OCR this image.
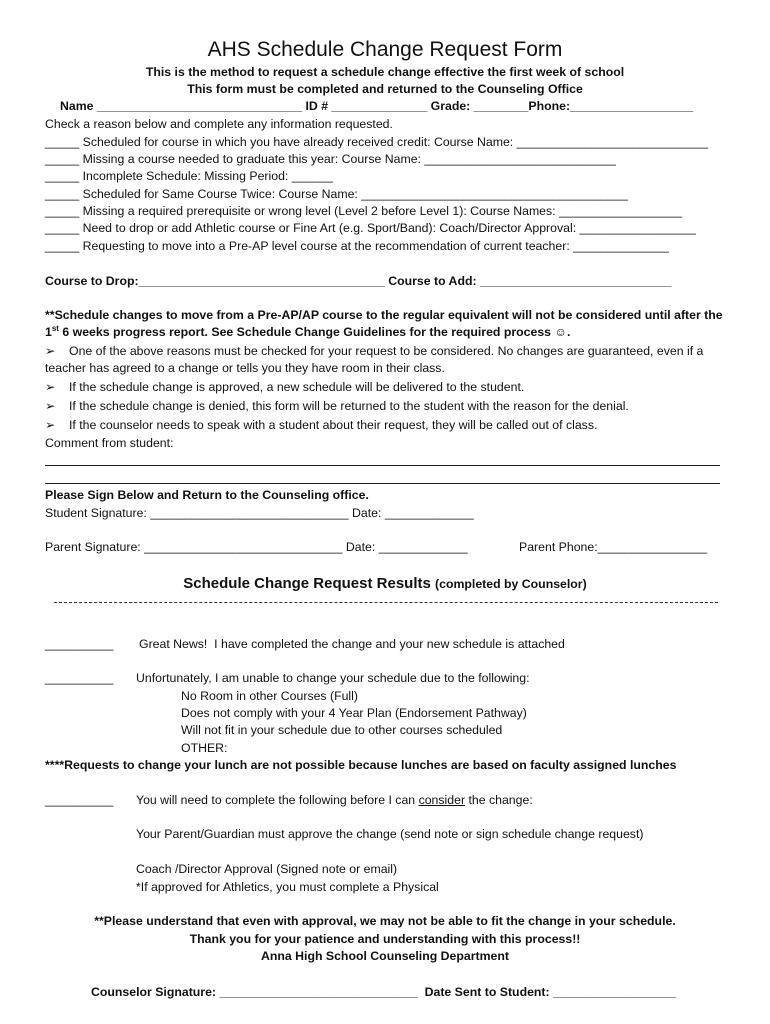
AHS Schedule Change Request Form
This is the method to request a schedule change effective the first week of school
This form must be completed and returned to the Counseling Office
Name ______________________________ ID # ______________ Grade: ________Phone:__________________
Check a reason below and complete any information requested.
_____ Scheduled for course in which you have already received credit: Course Name: ____________________________
_____ Missing a course needed to graduate this year: Course Name: ____________________________
_____ Incomplete Schedule: Missing Period: ______
_____ Scheduled for Same Course Twice: Course Name: _______________________________________
_____ Missing a required prerequisite or wrong level (Level 2 before Level 1): Course Names: __________________
_____ Need to drop or add Athletic course or Fine Art (e.g. Sport/Band): Coach/Director Approval: _________________
_____ Requesting to move into a Pre-AP level course at the recommendation of current teacher: ______________
Course to Drop:____________________________________ Course to Add: ____________________________
**Schedule changes to move from a Pre-AP/AP course to the regular equivalent will not be considered until after the
1st 6 weeks progress report. See Schedule Change Guidelines for the required process ☺.
➢ One of the above reasons must be checked for your request to be considered. No changes are guaranteed, even if a
teacher has agreed to a change or tells you they have room in their class.
➢ If the schedule change is approved, a new schedule will be delivered to the student.
➢ If the schedule change is denied, this form will be returned to the student with the reason for the denial.
➢ If the counselor needs to speak with a student about their request, they will be called out of class.
Comment from student:
Please Sign Below and Return to the Counseling office.
Student Signature: _____________________________ Date: _____________
Parent Signature: _____________________________ Date: _____________	Parent Phone:________________
Schedule Change Request Results (completed by Counselor)
__________ Great News!  I have completed the change and your new schedule is attached
__________ Unfortunately, I am unable to change your schedule due to the following:
No Room in other Courses (Full)
Does not comply with your 4 Year Plan (Endorsement Pathway)
Will not fit in your schedule due to other courses scheduled
OTHER:
****Requests to change your lunch are not possible because lunches are based on faculty assigned lunches
__________ You will need to complete the following before I can consider the change:
Your Parent/Guardian must approve the change (send note or sign schedule change request)
Coach /Director Approval (Signed note or email)
*If approved for Athletics, you must complete a Physical
**Please understand that even with approval, we may not be able to fit the change in your schedule.
Thank you for your patience and understanding with this process!!
Anna High School Counseling Department
Counselor Signature: _____________________________  Date Sent to Student: __________________
